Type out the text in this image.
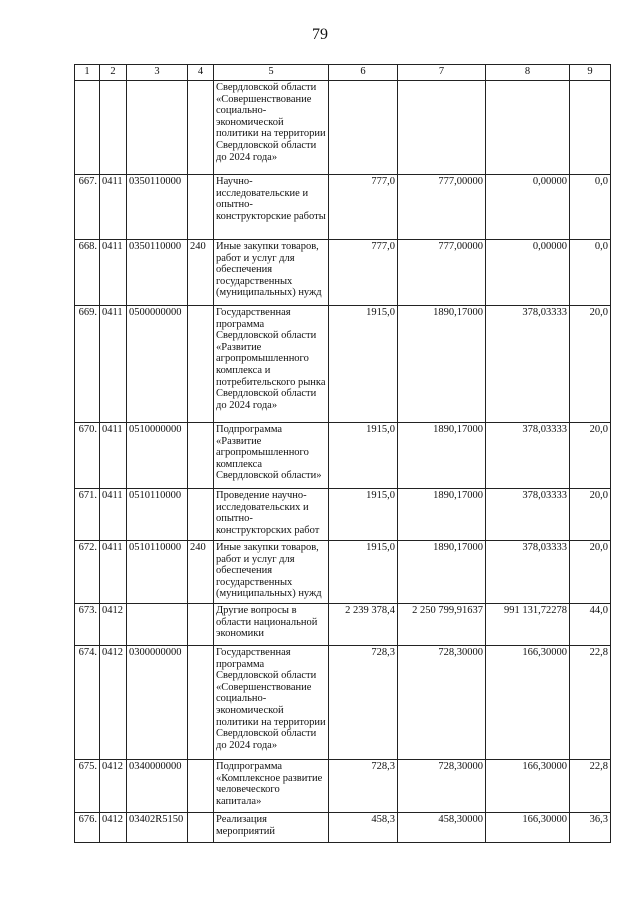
79
1	2	3	4	5	6	7	8	9
				Свердловской области «Совершенствование социально-экономической политики на территории Свердловской области до 2024 года»				
667.	0411	0350110000		Научно-исследовательские и опытно-конструкторские работы	777,0	777,00000	0,00000	0,0
668.	0411	0350110000	240	Иные закупки товаров, работ и услуг для обеспечения государственных (муниципальных) нужд	777,0	777,00000	0,00000	0,0
669.	0411	0500000000		Государственная программа Свердловской области «Развитие агропромышленного комплекса и потребительского рынка Свердловской области до 2024 года»	1915,0	1890,17000	378,03333	20,0
670.	0411	0510000000		Подпрограмма «Развитие агропромышленного комплекса Свердловской области»	1915,0	1890,17000	378,03333	20,0
671.	0411	0510110000		Проведение научно-исследовательских и опытно-конструкторских работ	1915,0	1890,17000	378,03333	20,0
672.	0411	0510110000	240	Иные закупки товаров, работ и услуг для обеспечения государственных (муниципальных) нужд	1915,0	1890,17000	378,03333	20,0
673.	0412			Другие вопросы в области национальной экономики	2 239 378,4	2 250 799,91637	991 131,72278	44,0
674.	0412	0300000000		Государственная программа Свердловской области «Совершенствование социально-экономической политики на территории Свердловской области до 2024 года»	728,3	728,30000	166,30000	22,8
675.	0412	0340000000		Подпрограмма «Комплексное развитие человеческого капитала»	728,3	728,30000	166,30000	22,8
676.	0412	03402R5150		Реализация мероприятий	458,3	458,30000	166,30000	36,3
